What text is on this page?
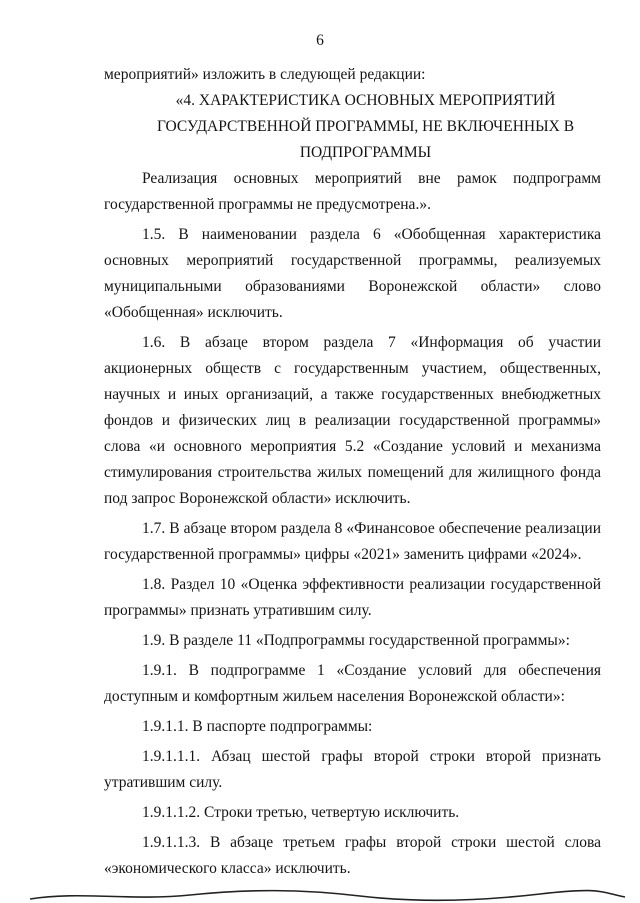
6

мероприятий» изложить в следующей редакции:

«4. ХАРАКТЕРИСТИКА ОСНОВНЫХ МЕРОПРИЯТИЙ
ГОСУДАРСТВЕННОЙ ПРОГРАММЫ, НЕ ВКЛЮЧЕННЫХ В
ПОДПРОГРАММЫ

Реализация основных мероприятий вне рамок подпрограмм государственной программы не предусмотрена.».

1.5. В наименовании раздела 6 «Обобщенная характеристика основных мероприятий государственной программы, реализуемых муниципальными образованиями Воронежской области» слово «Обобщенная» исключить.

1.6. В абзаце втором раздела 7 «Информация об участии акционерных обществ с государственным участием, общественных, научных и иных организаций, а также государственных внебюджетных фондов и физических лиц в реализации государственной программы» слова «и основного мероприятия 5.2 «Создание условий и механизма стимулирования строительства жилых помещений для жилищного фонда под запрос Воронежской области» исключить.

1.7. В абзаце втором раздела 8 «Финансовое обеспечение реализации государственной программы» цифры «2021» заменить цифрами «2024».

1.8. Раздел 10 «Оценка эффективности реализации государственной программы» признать утратившим силу.

1.9. В разделе 11 «Подпрограммы государственной программы»:

1.9.1. В подпрограмме 1 «Создание условий для обеспечения доступным и комфортным жильем населения Воронежской области»:

1.9.1.1. В паспорте подпрограммы:

1.9.1.1.1. Абзац шестой графы второй строки второй признать утратившим силу.

1.9.1.1.2. Строки третью, четвертую исключить.

1.9.1.1.3. В абзаце третьем графы второй строки шестой слова «экономического класса» исключить.
